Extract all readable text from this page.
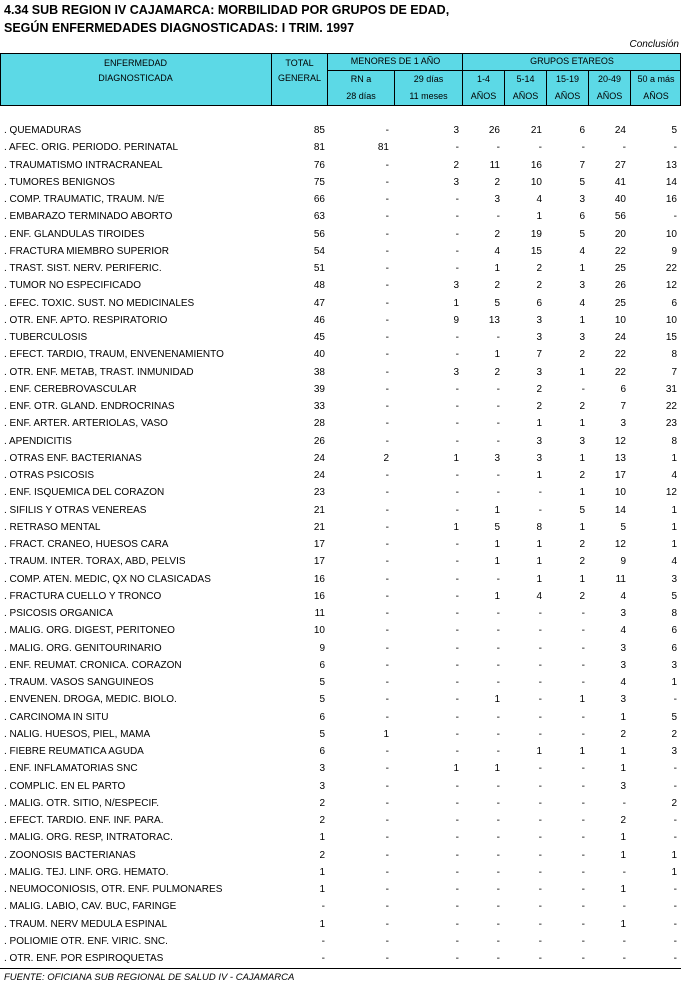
4.34 SUB REGION IV CAJAMARCA: MORBILIDAD POR GRUPOS DE EDAD,
SEGÚN ENFERMEDADES DIAGNOSTICADAS: I TRIM. 1997
Conclusión
ENFERMEDAD
DIAGNOSTICADA
TOTAL
GENERAL
MENORES DE 1 AÑO
RN a
28 días
29 días
11 meses
GRUPOS ETAREOS
1-4
AÑOS
5-14
AÑOS
15-19
AÑOS
20-49
AÑOS
50 a más
AÑOS
. QUEMADURAS	85	-	3	26	21	6	24	5
. AFEC. ORIG. PERIODO. PERINATAL	81	81	-	-	-	-	-	-
. TRAUMATISMO INTRACRANEAL	76	-	2	11	16	7	27	13
. TUMORES BENIGNOS	75	-	3	2	10	5	41	14
. COMP. TRAUMATIC, TRAUM. N/E	66	-	-	3	4	3	40	16
. EMBARAZO TERMINADO ABORTO	63	-	-	-	1	6	56	-
. ENF. GLANDULAS TIROIDES	56	-	-	2	19	5	20	10
. FRACTURA MIEMBRO SUPERIOR	54	-	-	4	15	4	22	9
. TRAST. SIST. NERV. PERIFERIC.	51	-	-	1	2	1	25	22
. TUMOR NO ESPECIFICADO	48	-	3	2	2	3	26	12
. EFEC. TOXIC. SUST. NO MEDICINALES	47	-	1	5	6	4	25	6
. OTR. ENF. APTO. RESPIRATORIO	46	-	9	13	3	1	10	10
. TUBERCULOSIS	45	-	-	-	3	3	24	15
. EFECT. TARDIO, TRAUM, ENVENENAMIENTO	40	-	-	1	7	2	22	8
. OTR. ENF. METAB, TRAST. INMUNIDAD	38	-	3	2	3	1	22	7
. ENF. CEREBROVASCULAR	39	-	-	-	2	-	6	31
. ENF. OTR. GLAND. ENDROCRINAS	33	-	-	-	2	2	7	22
. ENF. ARTER. ARTERIOLAS, VASO	28	-	-	-	1	1	3	23
. APENDICITIS	26	-	-	-	3	3	12	8
. OTRAS ENF. BACTERIANAS	24	2	1	3	3	1	13	1
. OTRAS PSICOSIS	24	-	-	-	1	2	17	4
. ENF. ISQUEMICA DEL CORAZON	23	-	-	-	-	1	10	12
. SIFILIS Y OTRAS VENEREAS	21	-	-	1	-	5	14	1
. RETRASO MENTAL	21	-	1	5	8	1	5	1
. FRACT. CRANEO, HUESOS CARA	17	-	-	1	1	2	12	1
. TRAUM. INTER. TORAX, ABD, PELVIS	17	-	-	1	1	2	9	4
. COMP. ATEN. MEDIC, QX NO CLASICADAS	16	-	-	-	1	1	11	3
. FRACTURA CUELLO Y TRONCO	16	-	-	1	4	2	4	5
. PSICOSIS ORGANICA	11	-	-	-	-	-	3	8
. MALIG. ORG. DIGEST, PERITONEO	10	-	-	-	-	-	4	6
. MALIG. ORG. GENITOURINARIO	9	-	-	-	-	-	3	6
. ENF. REUMAT. CRONICA. CORAZON	6	-	-	-	-	-	3	3
. TRAUM. VASOS SANGUINEOS	5	-	-	-	-	-	4	1
. ENVENEN. DROGA, MEDIC. BIOLO.	5	-	-	1	-	1	3	-
. CARCINOMA IN SITU	6	-	-	-	-	-	1	5
. NALIG. HUESOS, PIEL, MAMA	5	1	-	-	-	-	2	2
. FIEBRE REUMATICA AGUDA	6	-	-	-	1	1	1	3
. ENF. INFLAMATORIAS SNC	3	-	1	1	-	-	1	-
. COMPLIC. EN EL PARTO	3	-	-	-	-	-	3	-
. MALIG. OTR. SITIO, N/ESPECIF.	2	-	-	-	-	-	-	2
. EFECT. TARDIO. ENF. INF. PARA.	2	-	-	-	-	-	2	-
. MALIG. ORG. RESP, INTRATORAC.	1	-	-	-	-	-	1	-
. ZOONOSIS BACTERIANAS	2	-	-	-	-	-	1	1
. MALIG. TEJ. LINF. ORG. HEMATO.	1	-	-	-	-	-	-	1
. NEUMOCONIOSIS, OTR. ENF. PULMONARES	1	-	-	-	-	-	1	-
. MALIG. LABIO, CAV. BUC, FARINGE	-	-	-	-	-	-	-	-
. TRAUM. NERV MEDULA ESPINAL	1	-	-	-	-	-	1	-
. POLIOMIE OTR. ENF. VIRIC. SNC.	-	-	-	-	-	-	-	-
. OTR. ENF. POR ESPIROQUETAS	-	-	-	-	-	-	-	-
FUENTE: OFICIANA SUB REGIONAL DE SALUD IV - CAJAMARCA
